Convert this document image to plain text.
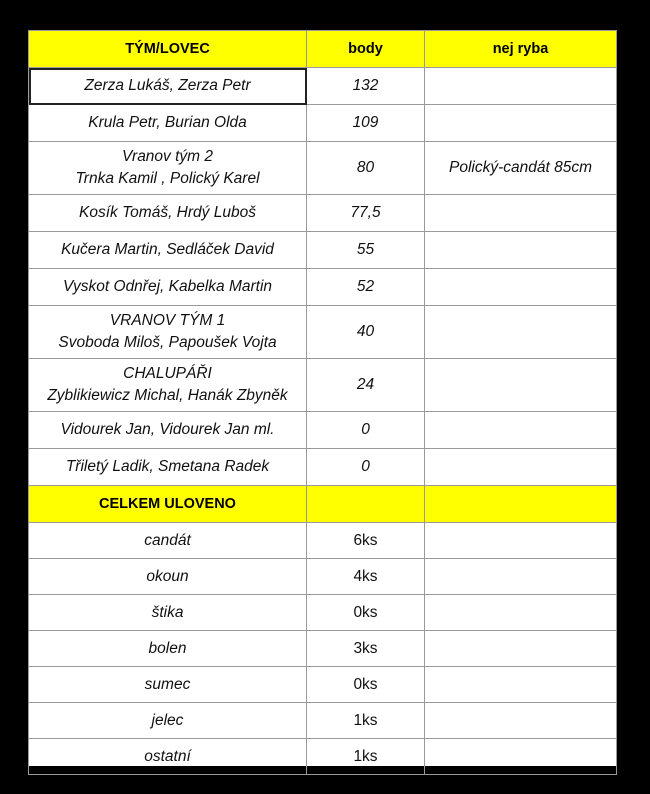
TÝM/LOVEC	body	nej ryba

Zerza Lukáš, Zerza Petr	132	

Krula Petr, Burian Olda	109	

Vranov tým 2
Trnka Kamil , Polický Karel	80	Polický-candát 85cm

Kosík Tomáš, Hrdý Luboš	77,5	

Kučera Martin, Sedláček David	55	

Vyskot Odnřej, Kabelka Martin	52	

VRANOV TÝM 1
Svoboda Miloš, Papoušek Vojta	40	

CHALUPÁŘI
Zyblikiewicz Michal, Hanák Zbyněk	24	

Vidourek Jan, Vidourek Jan ml.	0	

Třiletý Ladik, Smetana Radek	0	
CELKEM ULOVENO		
candát	6ks	
okoun	4ks	
štika	0ks	
bolen	3ks	
sumec	0ks	
jelec	1ks	
ostatní	1ks	
